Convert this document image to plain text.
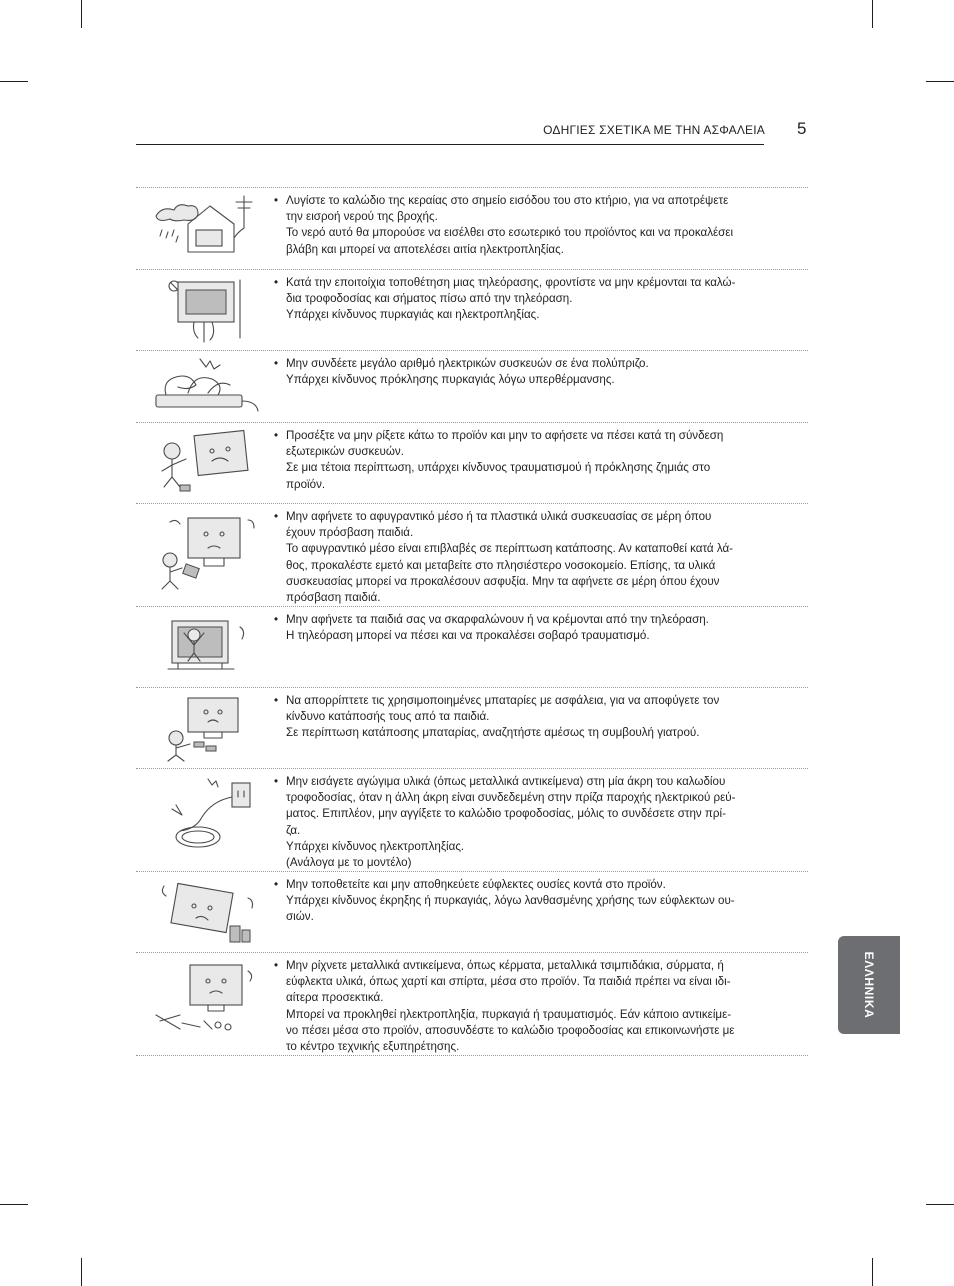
ΟΔΗΓΙΕΣ ΣΧΕΤΙΚΑ ΜΕ ΤΗΝ ΑΣΦΑΛΕΙΑ 5
• Λυγίστε το καλώδιο της κεραίας στο σημείο εισόδου του στο κτήριο, για να αποτρέψετε
την εισροή νερού της βροχής.
Το νερό αυτό θα μπορούσε να εισέλθει στο εσωτερικό του προϊόντος και να προκαλέσει
βλάβη και μπορεί να αποτελέσει αιτία ηλεκτροπληξίας.
• Κατά την εποιτοίχια τοποθέτηση μιας τηλεόρασης, φροντίστε να μην κρέμονται τα καλώ-
δια τροφοδοσίας και σήματος πίσω από την τηλεόραση.
Υπάρχει κίνδυνος πυρκαγιάς και ηλεκτροπληξίας.
• Μην συνδέετε μεγάλο αριθμό ηλεκτρικών συσκευών σε ένα πολύπριζο.
Υπάρχει κίνδυνος πρόκλησης πυρκαγιάς λόγω υπερθέρμανσης.
• Προσέξτε να μην ρίξετε κάτω το προϊόν και μην το αφήσετε να πέσει κατά τη σύνδεση
εξωτερικών συσκευών.
Σε μια τέτοια περίπτωση, υπάρχει κίνδυνος τραυματισμού ή πρόκλησης ζημιάς στο
προϊόν.
• Μην αφήνετε το αφυγραντικό μέσο ή τα πλαστικά υλικά συσκευασίας σε μέρη όπου
έχουν πρόσβαση παιδιά.
Το αφυγραντικό μέσο είναι επιβλαβές σε περίπτωση κατάποσης. Αν καταποθεί κατά λά-
θος, προκαλέστε εμετό και μεταβείτε στο πλησιέστερο νοσοκομείο. Επίσης, τα υλικά
συσκευασίας μπορεί να προκαλέσουν ασφυξία. Μην τα αφήνετε σε μέρη όπου έχουν
πρόσβαση παιδιά.
• Μην αφήνετε τα παιδιά σας να σκαρφαλώνουν ή να κρέμονται από την τηλεόραση.
Η τηλεόραση μπορεί να πέσει και να προκαλέσει σοβαρό τραυματισμό.
• Να απορρίπτετε τις χρησιμοποιημένες μπαταρίες με ασφάλεια, για να αποφύγετε τον
κίνδυνο κατάποσής τους από τα παιδιά.
Σε περίπτωση κατάποσης μπαταρίας, αναζητήστε αμέσως τη συμβουλή γιατρού.
• Μην εισάγετε αγώγιμα υλικά (όπως μεταλλικά αντικείμενα) στη μία άκρη του καλωδίου
τροφοδοσίας, όταν η άλλη άκρη είναι συνδεδεμένη στην πρίζα παροχής ηλεκτρικού ρεύ-
ματος. Επιπλέον, μην αγγίξετε το καλώδιο τροφοδοσίας, μόλις το συνδέσετε στην πρί-
ζα.
Υπάρχει κίνδυνος ηλεκτροπληξίας.
(Ανάλογα με το μοντέλο)
• Μην τοποθετείτε και μην αποθηκεύετε εύφλεκτες ουσίες κοντά στο προϊόν.
Υπάρχει κίνδυνος έκρηξης ή πυρκαγιάς, λόγω λανθασμένης χρήσης των εύφλεκτων ου-
σιών.
• Μην ρίχνετε μεταλλικά αντικείμενα, όπως κέρματα, μεταλλικά τσιμπιδάκια, σύρματα, ή
εύφλεκτα υλικά, όπως χαρτί και σπίρτα, μέσα στο προϊόν. Τα παιδιά πρέπει να είναι ιδι-
αίτερα προσεκτικά.
Μπορεί να προκληθεί ηλεκτροπληξία, πυρκαγιά ή τραυματισμός. Εάν κάποιο αντικείμε-
νο πέσει μέσα στο προϊόν, αποσυνδέστε το καλώδιο τροφοδοσίας και επικοινωνήστε με
το κέντρο τεχνικής εξυπηρέτησης.
ΕΛΛΗΝΙΚΑ
